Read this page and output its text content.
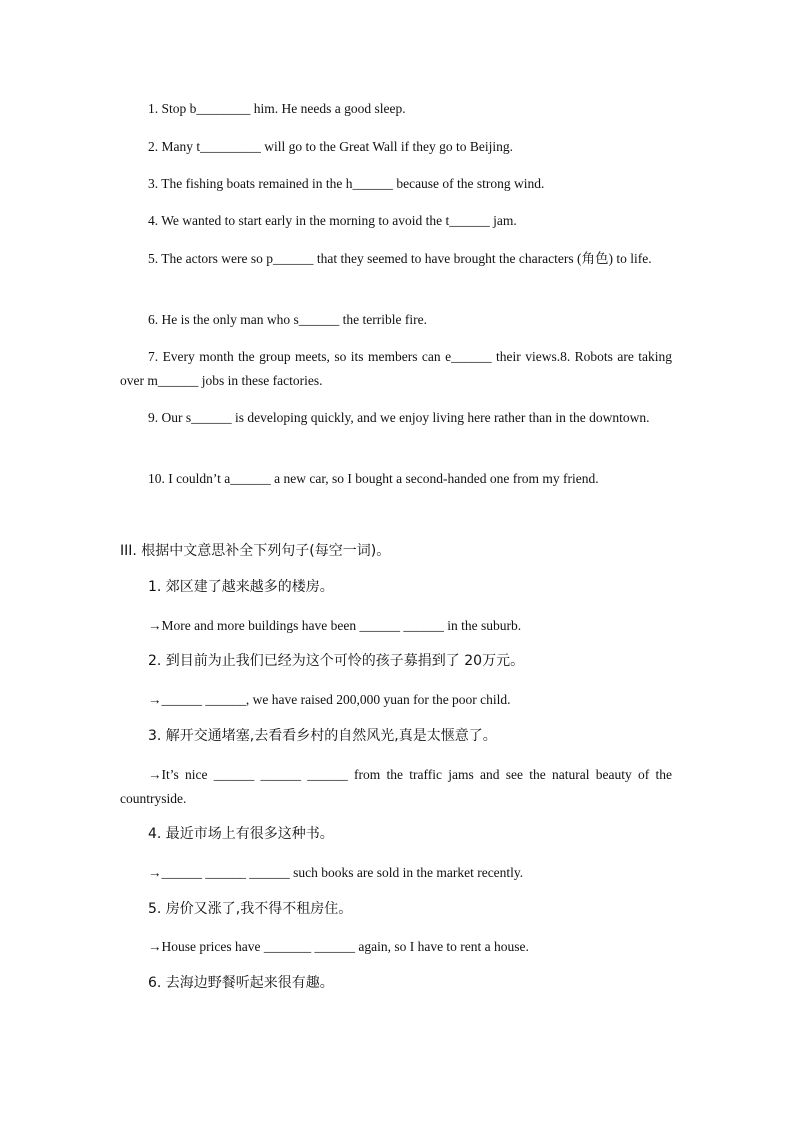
1. Stop b________ him. He needs a good sleep.

2. Many t_________ will go to the Great Wall if they go to Beijing.

3. The fishing boats remained in the h______ because of the strong wind.

4. We wanted to start early in the morning to avoid the t______ jam.

5. The actors were so p______ that they seemed to have brought the characters (角色) to life.

6. He is the only man who s______ the terrible fire.

7. Every month the group meets, so its members can e______ their views.8. Robots are taking over m______ jobs in these factories.

9. Our s______ is developing quickly, and we enjoy living here rather than in the downtown.

10. I couldn’t a______ a new car, so I bought a second-handed one from my friend.

III. 根据中文意思补全下列句子(每空一词)。

1. 郊区建了越来越多的楼房。

→More and more buildings have been ______ ______ in the suburb.

2. 到目前为止我们已经为这个可怜的孩子募捐到了 20万元。

→______ ______, we have raised 200,000 yuan for the poor child.

3. 解开交通堵塞,去看看乡村的自然风光,真是太惬意了。

→It’s nice ______ ______ ______ from the traffic jams and see the natural beauty of the countryside.

4. 最近市场上有很多这种书。

→______ ______ ______ such books are sold in the market recently.

5. 房价又涨了,我不得不租房住。

→House prices have _______ ______ again, so I have to rent a house.

6. 去海边野餐听起来很有趣。
